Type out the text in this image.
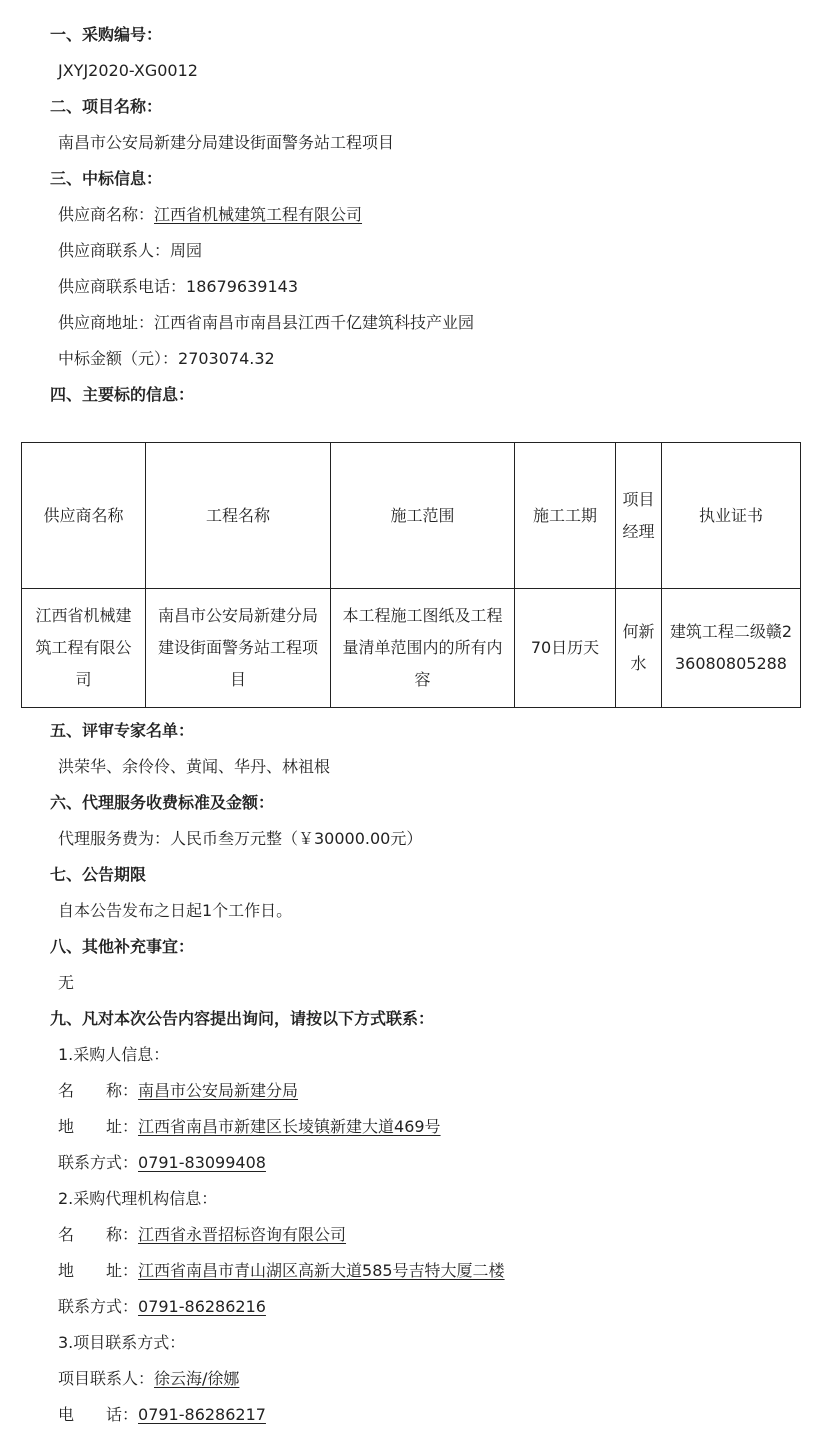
一、采购编号：
JXYJ2020-XG0012
二、项目名称：
南昌市公安局新建分局建设街面警务站工程项目
三、中标信息：
供应商名称：江西省机械建筑工程有限公司
供应商联系人：周园
供应商联系电话：18679639143
供应商地址：江西省南昌市南昌县江西千亿建筑科技产业园
中标金额（元）：2703074.32
四、主要标的信息：
供应商名称	工程名称	施工范围	施工工期	项目经理	执业证书
江西省机械建筑工程有限公司	南昌市公安局新建分局建设街面警务站工程项目	本工程施工图纸及工程量清单范围内的所有内容	70日历天	何新水	建筑工程二级赣236080805288
五、评审专家名单：
洪荣华、余伶伶、黄闻、华丹、林祖根
六、代理服务收费标准及金额：
代理服务费为：人民币叁万元整（￥30000.00元）
七、公告期限
自本公告发布之日起1个工作日。
八、其他补充事宜：
无
九、凡对本次公告内容提出询问，请按以下方式联系：
1.采购人信息：
名　　称：南昌市公安局新建分局
地　　址：江西省南昌市新建区长堎镇新建大道469号
联系方式：0791-83099408
2.采购代理机构信息：
名　　称：江西省永晋招标咨询有限公司
地　　址：江西省南昌市青山湖区高新大道585号吉特大厦二楼
联系方式：0791-86286216
3.项目联系方式：
项目联系人：徐云海/徐娜
电　　话：0791-86286217
